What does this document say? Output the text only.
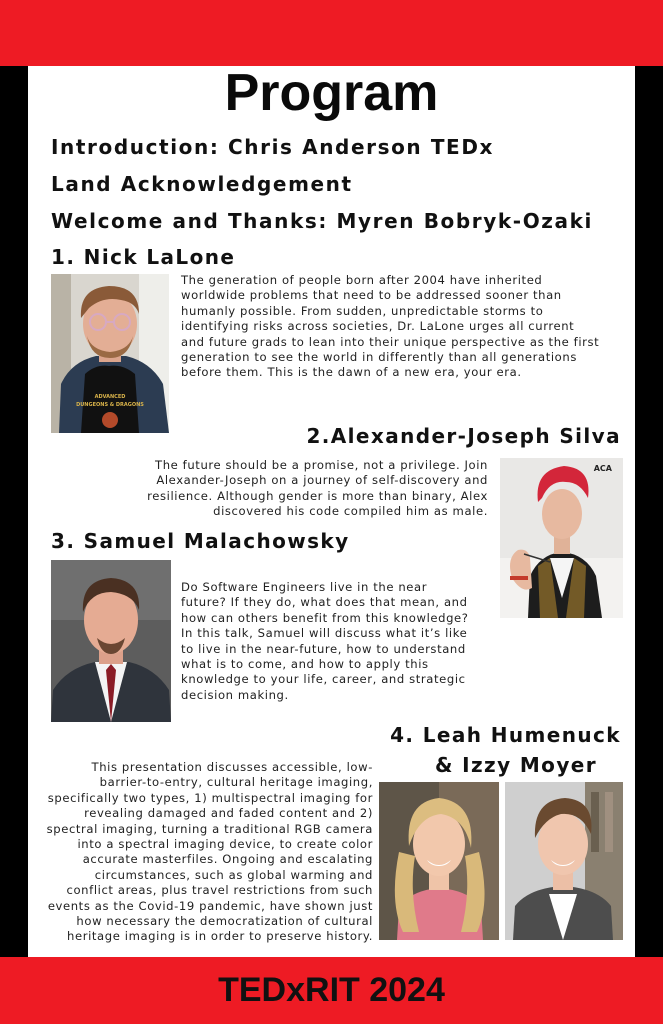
Program
Introduction: Chris Anderson TEDx
Land Acknowledgement
Welcome and Thanks: Myren Bobryk-Ozaki
1. Nick LaLone
ADVANCED
DUNGEONS & DRAGONS
The generation of people born after 2004 have inherited
worldwide problems that need to be addressed sooner than
humanly possible. From sudden, unpredictable storms to
identifying risks across societies, Dr. LaLone urges all current
and future grads to lean into their unique perspective as the first
generation to see the world in differently than all generations
before them. This is the dawn of a new era, your era.
2.Alexander-Joseph Silva
The future should be a promise, not a privilege. Join
Alexander-Joseph on a journey of self-discovery and
resilience. Although gender is more than binary, Alex
discovered his code compiled him as male.
ACA
3. Samuel Malachowsky
Do Software Engineers live in the near
future? If they do, what does that mean, and
how can others benefit from this knowledge?
In this talk, Samuel will discuss what it’s like
to live in the near-future, how to understand
what is to come, and how to apply this
knowledge to your life, career, and strategic
decision making.
4. Leah Humenuck
& Izzy Moyer
This presentation discusses accessible, low-
barrier-to-entry, cultural heritage imaging,
specifically two types, 1) multispectral imaging for
revealing damaged and faded content and 2)
spectral imaging, turning a traditional RGB camera
into a spectral imaging device, to create color
accurate masterfiles. Ongoing and escalating
circumstances, such as global warming and
conflict areas, plus travel restrictions from such
events as the Covid-19 pandemic, have shown just
how necessary the democratization of cultural
heritage imaging is in order to preserve history.
TEDxRIT 2024
